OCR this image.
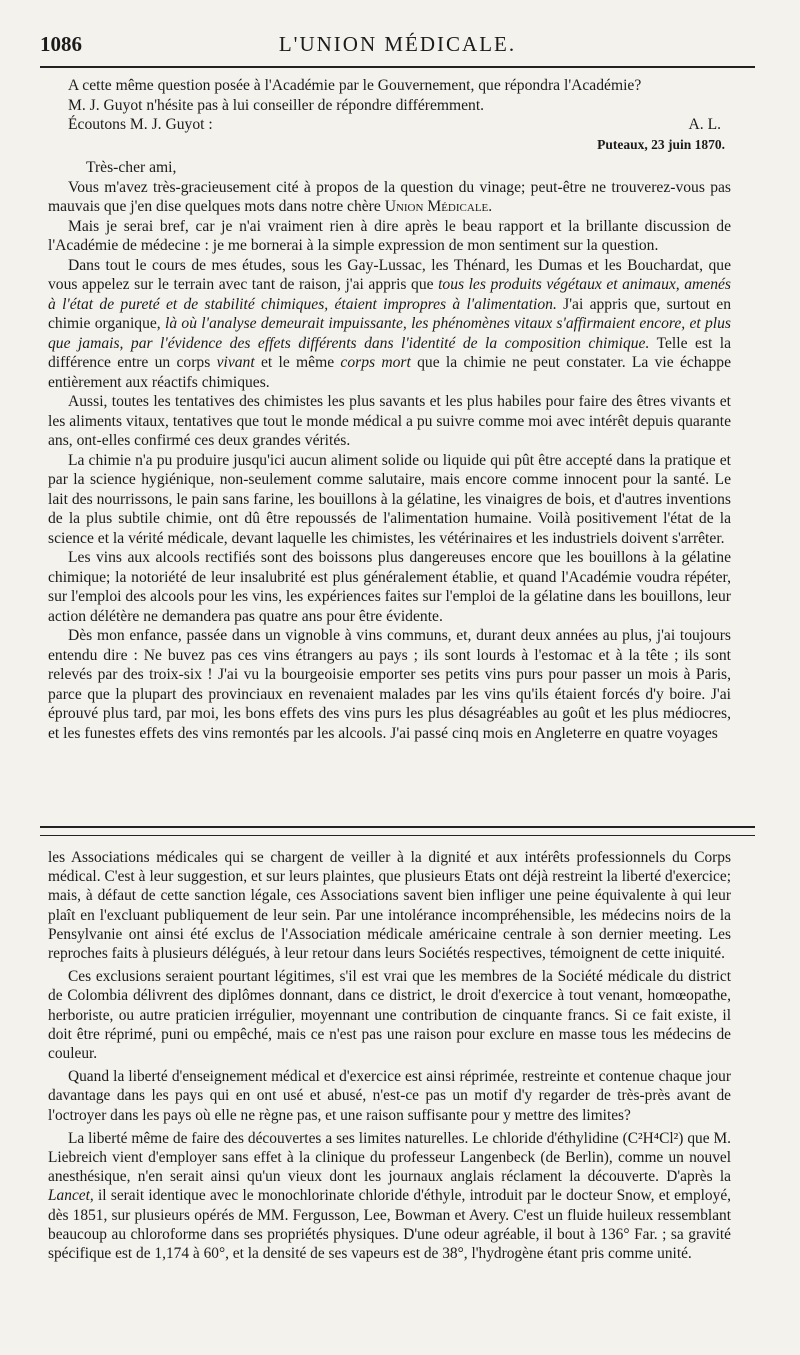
1086	L'UNION MÉDICALE.

A cette même question posée à l'Académie par le Gouvernement, que répondra l'Académie?

M. J. Guyot n'hésite pas à lui conseiller de répondre différemment.

Écoutons M. J. Guyot :	A. L.
Puteaux, 23 juin 1870.

Très-cher ami,

Vous m'avez très-gracieusement cité à propos de la question du vinage; peut-être ne trouverez-vous pas mauvais que j'en dise quelques mots dans notre chère Union Médicale.

Mais je serai bref, car je n'ai vraiment rien à dire après le beau rapport et la brillante discussion de l'Académie de médecine : je me bornerai à la simple expression de mon sentiment sur la question.

Dans tout le cours de mes études, sous les Gay-Lussac, les Thénard, les Dumas et les Bouchardat, que vous appelez sur le terrain avec tant de raison, j'ai appris que tous les produits végétaux et animaux, amenés à l'état de pureté et de stabilité chimiques, étaient impropres à l'alimentation. J'ai appris que, surtout en chimie organique, là où l'analyse demeurait impuissante, les phénomènes vitaux s'affirmaient encore, et plus que jamais, par l'évidence des effets différents dans l'identité de la composition chimique. Telle est la différence entre un corps vivant et le même corps mort que la chimie ne peut constater. La vie échappe entièrement aux réactifs chimiques.

Aussi, toutes les tentatives des chimistes les plus savants et les plus habiles pour faire des êtres vivants et les aliments vitaux, tentatives que tout le monde médical a pu suivre comme moi avec intérêt depuis quarante ans, ont-elles confirmé ces deux grandes vérités.

La chimie n'a pu produire jusqu'ici aucun aliment solide ou liquide qui pût être accepté dans la pratique et par la science hygiénique, non-seulement comme salutaire, mais encore comme innocent pour la santé. Le lait des nourrissons, le pain sans farine, les bouillons à la gélatine, les vinaigres de bois, et d'autres inventions de la plus subtile chimie, ont dû être repoussés de l'alimentation humaine. Voilà positivement l'état de la science et la vérité médicale, devant laquelle les chimistes, les vétérinaires et les industriels doivent s'arrêter.

Les vins aux alcools rectifiés sont des boissons plus dangereuses encore que les bouillons à la gélatine chimique; la notoriété de leur insalubrité est plus généralement établie, et quand l'Académie voudra répéter, sur l'emploi des alcools pour les vins, les expériences faites sur l'emploi de la gélatine dans les bouillons, leur action délétère ne demandera pas quatre ans pour être évidente.

Dès mon enfance, passée dans un vignoble à vins communs, et, durant deux années au plus, j'ai toujours entendu dire : Ne buvez pas ces vins étrangers au pays ; ils sont lourds à l'estomac et à la tête ; ils sont relevés par des troix-six ! J'ai vu la bourgeoisie emporter ses petits vins purs pour passer un mois à Paris, parce que la plupart des provinciaux en revenaient malades par les vins qu'ils étaient forcés d'y boire. J'ai éprouvé plus tard, par moi, les bons effets des vins purs les plus désagréables au goût et les plus médiocres, et les funestes effets des vins remontés par les alcools. J'ai passé cinq mois en Angleterre en quatre voyages

les Associations médicales qui se chargent de veiller à la dignité et aux intérêts professionnels du Corps médical. C'est à leur suggestion, et sur leurs plaintes, que plusieurs Etats ont déjà restreint la liberté d'exercice; mais, à défaut de cette sanction légale, ces Associations savent bien infliger une peine équivalente à qui leur plaît en l'excluant publiquement de leur sein. Par une intolérance incompréhensible, les médecins noirs de la Pensylvanie ont ainsi été exclus de l'Association médicale américaine centrale à son dernier meeting. Les reproches faits à plusieurs délégués, à leur retour dans leurs Sociétés respectives, témoignent de cette iniquité.

Ces exclusions seraient pourtant légitimes, s'il est vrai que les membres de la Société médicale du district de Colombia délivrent des diplômes donnant, dans ce district, le droit d'exercice à tout venant, homœopathe, herboriste, ou autre praticien irrégulier, moyennant une contribution de cinquante francs. Si ce fait existe, il doit être réprimé, puni ou empêché, mais ce n'est pas une raison pour exclure en masse tous les médecins de couleur.

Quand la liberté d'enseignement médical et d'exercice est ainsi réprimée, restreinte et contenue chaque jour davantage dans les pays qui en ont usé et abusé, n'est-ce pas un motif d'y regarder de très-près avant de l'octroyer dans les pays où elle ne règne pas, et une raison suffisante pour y mettre des limites?

La liberté même de faire des découvertes a ses limites naturelles. Le chloride d'éthylidine (C²H⁴Cl²) que M. Liebreich vient d'employer sans effet à la clinique du professeur Langenbeck (de Berlin), comme un nouvel anesthésique, n'en serait ainsi qu'un vieux dont les journaux anglais réclament la découverte. D'après la Lancet, il serait identique avec le monochlorinate chloride d'éthyle, introduit par le docteur Snow, et employé, dès 1851, sur plusieurs opérés de MM. Fergusson, Lee, Bowman et Avery. C'est un fluide huileux ressemblant beaucoup au chloroforme dans ses propriétés physiques. D'une odeur agréable, il bout à 136° Far. ; sa gravité spécifique est de 1,174 à 60°, et la densité de ses vapeurs est de 38°, l'hydrogène étant pris comme unité.
